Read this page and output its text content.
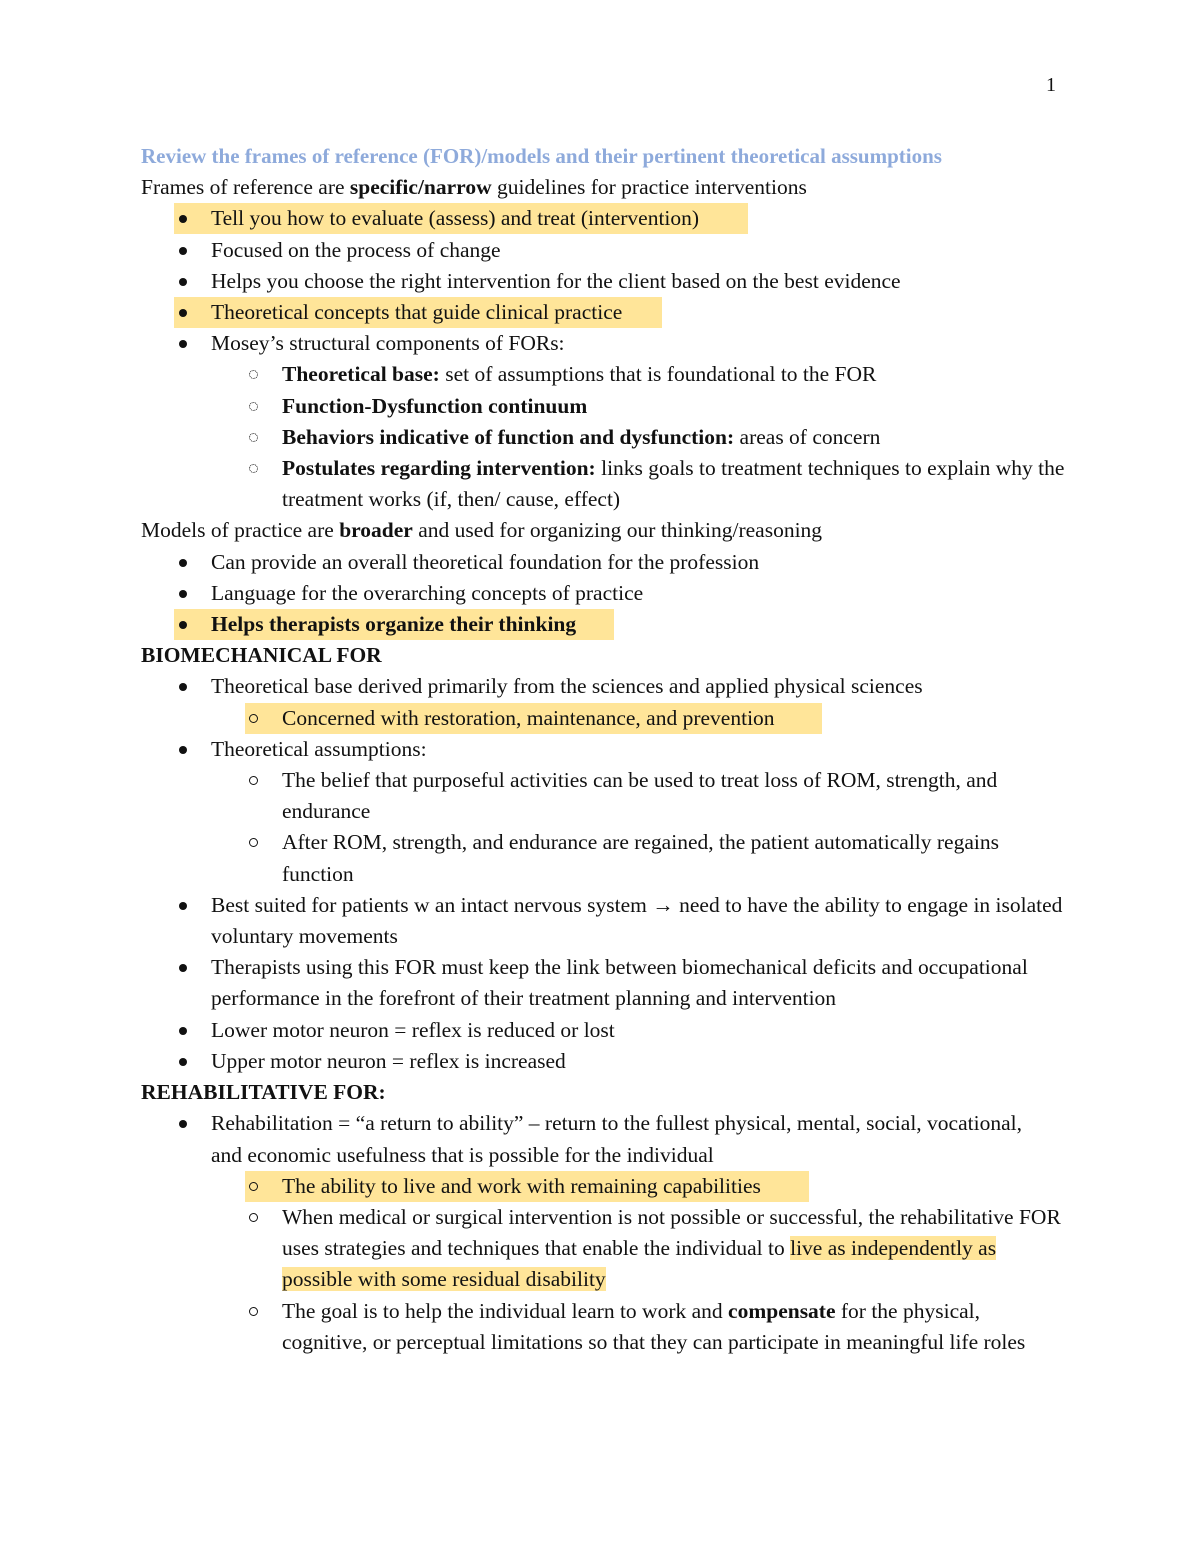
1
Review the frames of reference (FOR)/models and their pertinent theoretical assumptions
Frames of reference are specific/narrow guidelines for practice interventions
Tell you how to evaluate (assess) and treat (intervention)
Focused on the process of change
Helps you choose the right intervention for the client based on the best evidence
Theoretical concepts that guide clinical practice
Mosey’s structural components of FORs:
Theoretical base: set of assumptions that is foundational to the FOR
Function-Dysfunction continuum
Behaviors indicative of function and dysfunction: areas of concern
Postulates regarding intervention: links goals to treatment techniques to explain why the treatment works (if, then/ cause, effect)
Models of practice are broader and used for organizing our thinking/reasoning
Can provide an overall theoretical foundation for the profession
Language for the overarching concepts of practice
Helps therapists organize their thinking
BIOMECHANICAL FOR
Theoretical base derived primarily from the sciences and applied physical sciences
Concerned with restoration, maintenance, and prevention
Theoretical assumptions:
The belief that purposeful activities can be used to treat loss of ROM, strength, and endurance
After ROM, strength, and endurance are regained, the patient automatically regains function
Best suited for patients w an intact nervous system → need to have the ability to engage in isolated voluntary movements
Therapists using this FOR must keep the link between biomechanical deficits and occupational performance in the forefront of their treatment planning and intervention
Lower motor neuron = reflex is reduced or lost
Upper motor neuron = reflex is increased
REHABILITATIVE FOR:
Rehabilitation = “a return to ability” – return to the fullest physical, mental, social, vocational, and economic usefulness that is possible for the individual
The ability to live and work with remaining capabilities
When medical or surgical intervention is not possible or successful, the rehabilitative FOR uses strategies and techniques that enable the individual to live as independently as possible with some residual disability
The goal is to help the individual learn to work and compensate for the physical, cognitive, or perceptual limitations so that they can participate in meaningful life roles
